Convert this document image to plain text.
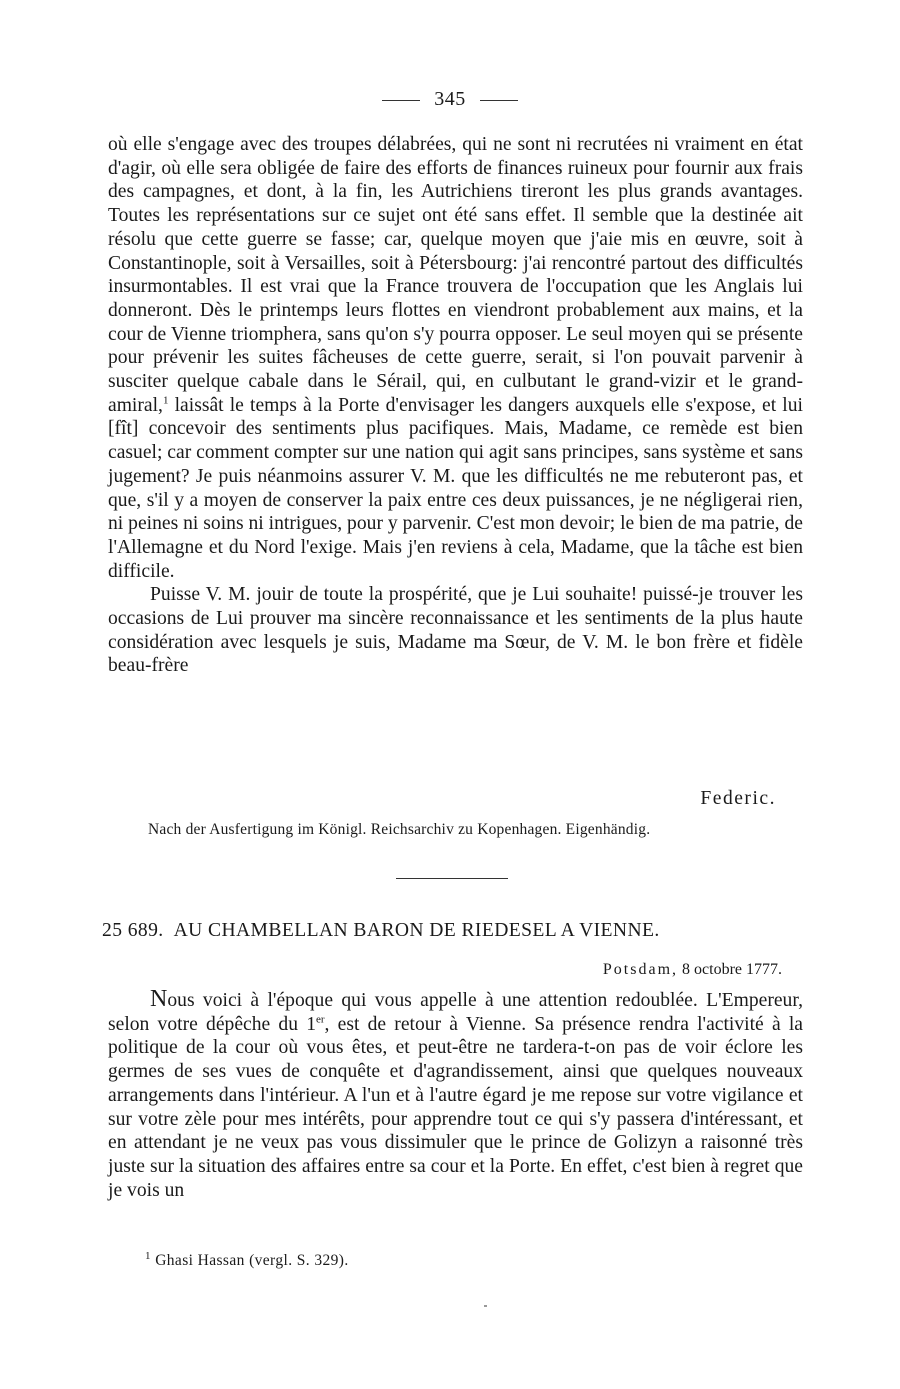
345

où elle s'engage avec des troupes délabrées, qui ne sont ni recrutées ni vraiment en état d'agir, où elle sera obligée de faire des efforts de finances ruineux pour fournir aux frais des campagnes, et dont, à la fin, les Autrichiens tireront les plus grands avantages. Toutes les représentations sur ce sujet ont été sans effet. Il semble que la destinée ait résolu que cette guerre se fasse; car, quelque moyen que j'aie mis en œuvre, soit à Constantinople, soit à Versailles, soit à Pétersbourg: j'ai rencontré partout des difficultés insurmontables. Il est vrai que la France trouvera de l'occupation que les Anglais lui donneront. Dès le printemps leurs flottes en viendront probablement aux mains, et la cour de Vienne triomphera, sans qu'on s'y pourra opposer. Le seul moyen qui se présente pour prévenir les suites fâcheuses de cette guerre, serait, si l'on pouvait parvenir à susciter quelque cabale dans le Sérail, qui, en culbutant le grand-vizir et le grand-amiral,$^1$ laissât le temps à la Porte d'envisager les dangers auxquels elle s'expose, et lui [fît] concevoir des sentiments plus pacifiques. Mais, Madame, ce remède est bien casuel; car comment compter sur une nation qui agit sans principes, sans système et sans jugement? Je puis néanmoins assurer V. M. que les difficultés ne me rebuteront pas, et que, s'il y a moyen de conserver la paix entre ces deux puissances, je ne négligerai rien, ni peines ni soins ni intrigues, pour y parvenir. C'est mon devoir; le bien de ma patrie, de l'Allemagne et du Nord l'exige. Mais j'en reviens à cela, Madame, que la tâche est bien difficile.

Puisse V. M. jouir de toute la prospérité, que je Lui souhaite! puissé-je trouver les occasions de Lui prouver ma sincère reconnaissance et les sentiments de la plus haute considération avec lesquels je suis, Madame ma Sœur, de V. M. le bon frère et fidèle beau-frère

Federic.
Nach der Ausfertigung im Königl. Reichsarchiv zu Kopenhagen. Eigenhändig.
25 689. AU CHAMBELLAN BARON DE RIEDESEL A VIENNE.
Potsdam, 8 octobre 1777.

Nous voici à l'époque qui vous appelle à une attention redoublée. L'Empereur, selon votre dépêche du 1er, est de retour à Vienne. Sa présence rendra l'activité à la politique de la cour où vous êtes, et peut-être ne tardera-t-on pas de voir éclore les germes de ses vues de conquête et d'agrandissement, ainsi que quelques nouveaux arrangements dans l'intérieur. A l'un et à l'autre égard je me repose sur votre vigilance et sur votre zèle pour mes intérêts, pour apprendre tout ce qui s'y passera d'intéressant, et en attendant je ne veux pas vous dissimuler que le prince de Golizyn a raisonné très juste sur la situation des affaires entre sa cour et la Porte. En effet, c'est bien à regret que je vois un

$^1$ Ghasi Hassan (vergl. S. 329).
